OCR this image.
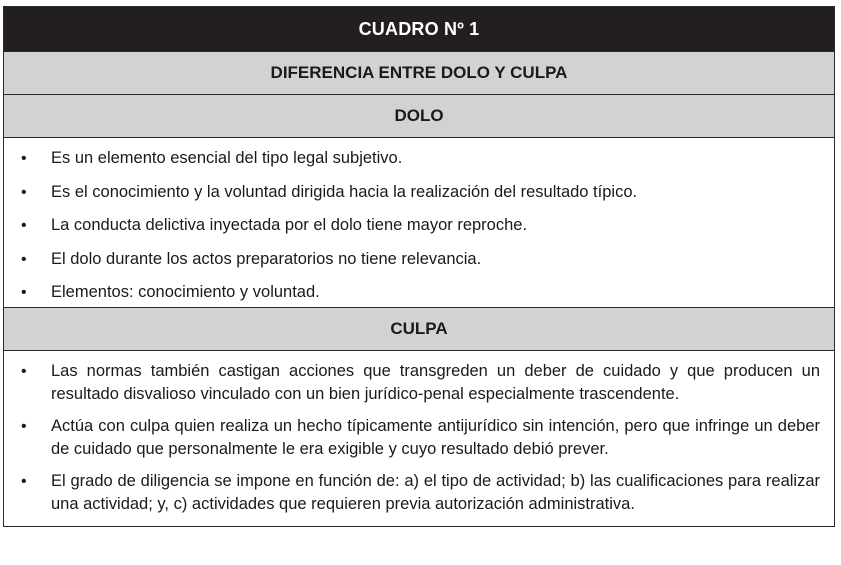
CUADRO Nº 1
DIFERENCIA ENTRE DOLO Y CULPA
DOLO
• Es un elemento esencial del tipo legal subjetivo.
• Es el conocimiento y la voluntad dirigida hacia la realización del resultado típico.
• La conducta delictiva inyectada por el dolo tiene mayor reproche.
• El dolo durante los actos preparatorios no tiene relevancia.
• Elementos: conocimiento y voluntad.
CULPA
• Las normas también castigan acciones que transgreden un deber de cuidado y que producen un resultado disvalioso vinculado con un bien jurídico-penal especialmente trascendente.
• Actúa con culpa quien realiza un hecho típicamente antijurídico sin intención, pero que infringe un deber de cuidado que personalmente le era exigible y cuyo resultado debió prever.
• El grado de diligencia se impone en función de: a) el tipo de actividad; b) las cualificaciones para realizar una actividad; y, c) actividades que requieren previa autorización administrativa.
